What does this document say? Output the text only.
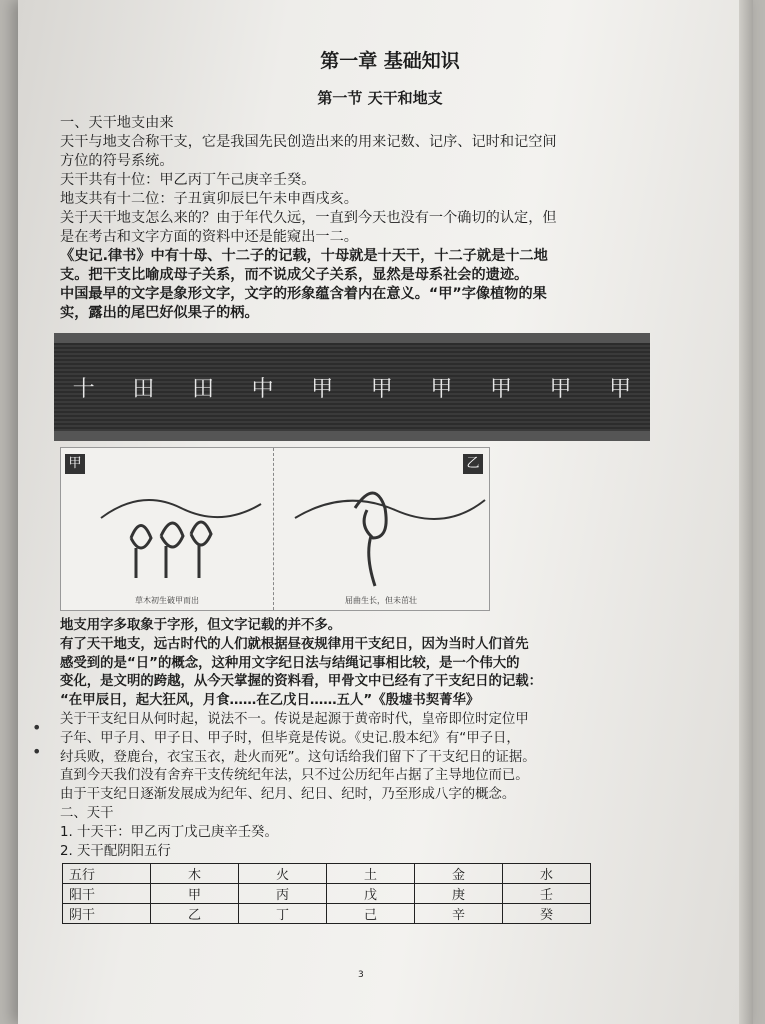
•
•
第一章 基础知识
第一节 天干和地支

一、天干地支由来

天干与地支合称干支，它是我国先民创造出来的用来记数、记序、记时和记空间

方位的符号系统。

天干共有十位：甲乙丙丁午己庚辛壬癸。

地支共有十二位：子丑寅卯辰巳午未申酉戌亥。

关于天干地支怎么来的？由于年代久远，一直到今天也没有一个确切的认定，但

是在考古和文字方面的资料中还是能窥出一二。

《史记.律书》中有十母、十二子的记载，十母就是十天干，十二子就是十二地

支。把干支比喻成母子关系，而不说成父子关系，显然是母系社会的遗迹。

中国最早的文字是象形文字，文字的形象蕴含着内在意义。“甲”字像植物的果

实，露出的尾巴好似果子的柄。

十 田 田 中 甲 甲 甲 甲 甲 甲
甲
草木初生破甲而出
乙
屈曲生长，但未茁壮

地支用字多取象于字形，但文字记载的并不多。

有了天干地支，远古时代的人们就根据昼夜规律用干支纪日，因为当时人们首先

感受到的是“日”的概念，这种用文字纪日法与结绳记事相比较，是一个伟大的

变化，是文明的跨越，从今天掌握的资料看，甲骨文中已经有了干支纪日的记载：

“在甲辰日，起大狂风，月食……在乙戊日……五人”《殷墟书契菁华》

关于干支纪日从何时起，说法不一。传说是起源于黄帝时代，皇帝即位时定位甲

子年、甲子月、甲子日、甲子时，但毕竟是传说。《史记.殷本纪》有“甲子日，

纣兵败，登鹿台，衣宝玉衣，赴火而死”。这句话给我们留下了干支纪日的证据。

直到今天我们没有舍弃干支传统纪年法，只不过公历纪年占据了主导地位而已。

由于干支纪日逐渐发展成为纪年、纪月、纪日、纪时，乃至形成八字的概念。

二、天干

1. 十天干：甲乙丙丁戊己庚辛壬癸。

2. 天干配阴阳五行

五行	木	火	土	金	水
阳干	甲	丙	戊	庚	壬
阴干	乙	丁	己	辛	癸
3
